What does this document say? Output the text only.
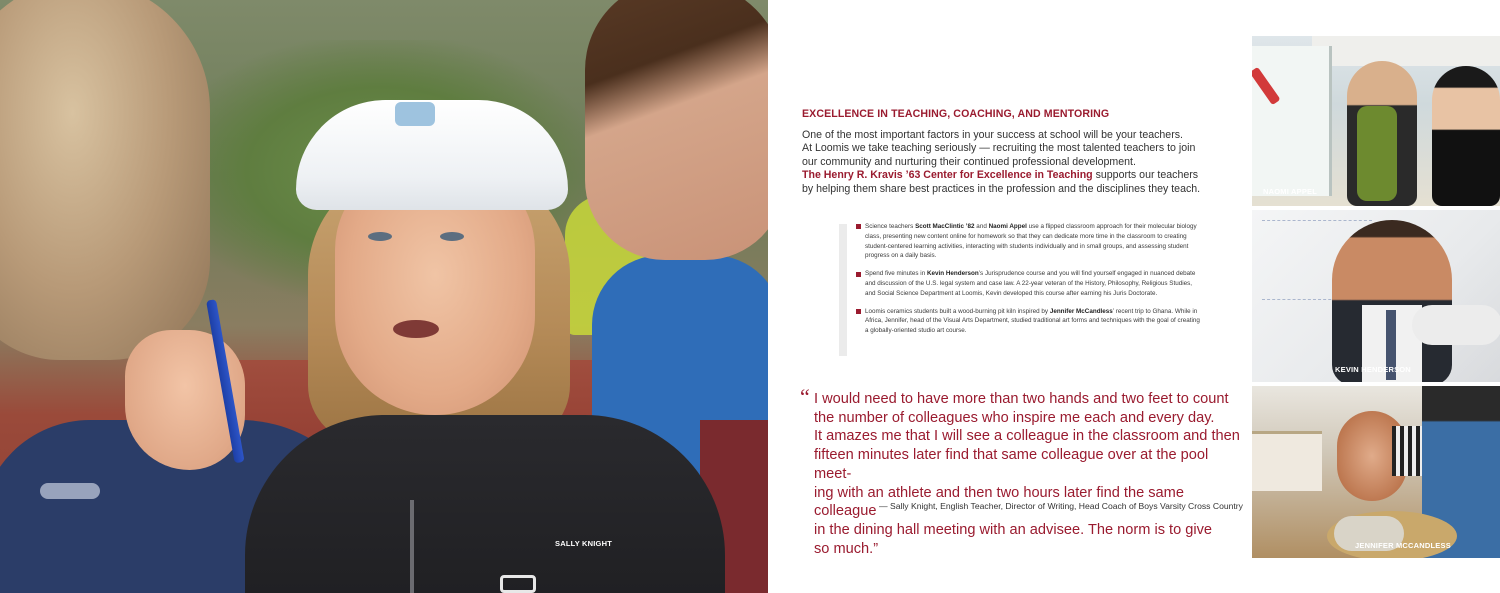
SALLY KNIGHT
EXCELLENCE IN TEACHING, COACHING, AND MENTORING
One of the most important factors in your success at school will be your teachers.
At Loomis we take teaching seriously — recruiting the most talented teachers to join
our community and nurturing their continued professional development.
The Henry R. Kravis ’63 Center for Excellence in Teaching supports our teachers
by helping them share best practices in the profession and the disciplines they teach.
Science teachers Scott MacClintic ’82 and Naomi Appel use a flipped classroom approach for their molecular biology class, presenting new content online for homework so that they can dedicate more time in the classroom to creating student-centered learning activities, interacting with students individually and in small groups, and assessing student progress on a daily basis.
Spend five minutes in Kevin Henderson’s Jurisprudence course and you will find yourself engaged in nuanced debate and discussion of the U.S. legal system and case law. A 22-year veteran of the History, Philosophy, Religious Studies, and Social Science Department at Loomis, Kevin developed this course after earning his Juris Doctorate.
Loomis ceramics students built a wood-burning pit kiln inspired by Jennifer McCandless’ recent trip to Ghana. While in Africa, Jennifer, head of the Visual Arts Department, studied traditional art forms and techniques with the goal of creating a globally-oriented studio art course.
“ I would need to have more than two hands and two feet to count
the number of colleagues who inspire me each and every day.
It amazes me that I will see a colleague in the classroom and then
fifteen minutes later find that same colleague over at the pool meet-
ing with an athlete and then two hours later find the same colleague
in the dining hall meeting with an advisee. The norm is to give
so much.”
— Sally Knight, English Teacher, Director of Writing, Head Coach of Boys Varsity Cross Country
NAOMI APPEL
KEVIN HENDERSON
JENNIFER MCCANDLESS
